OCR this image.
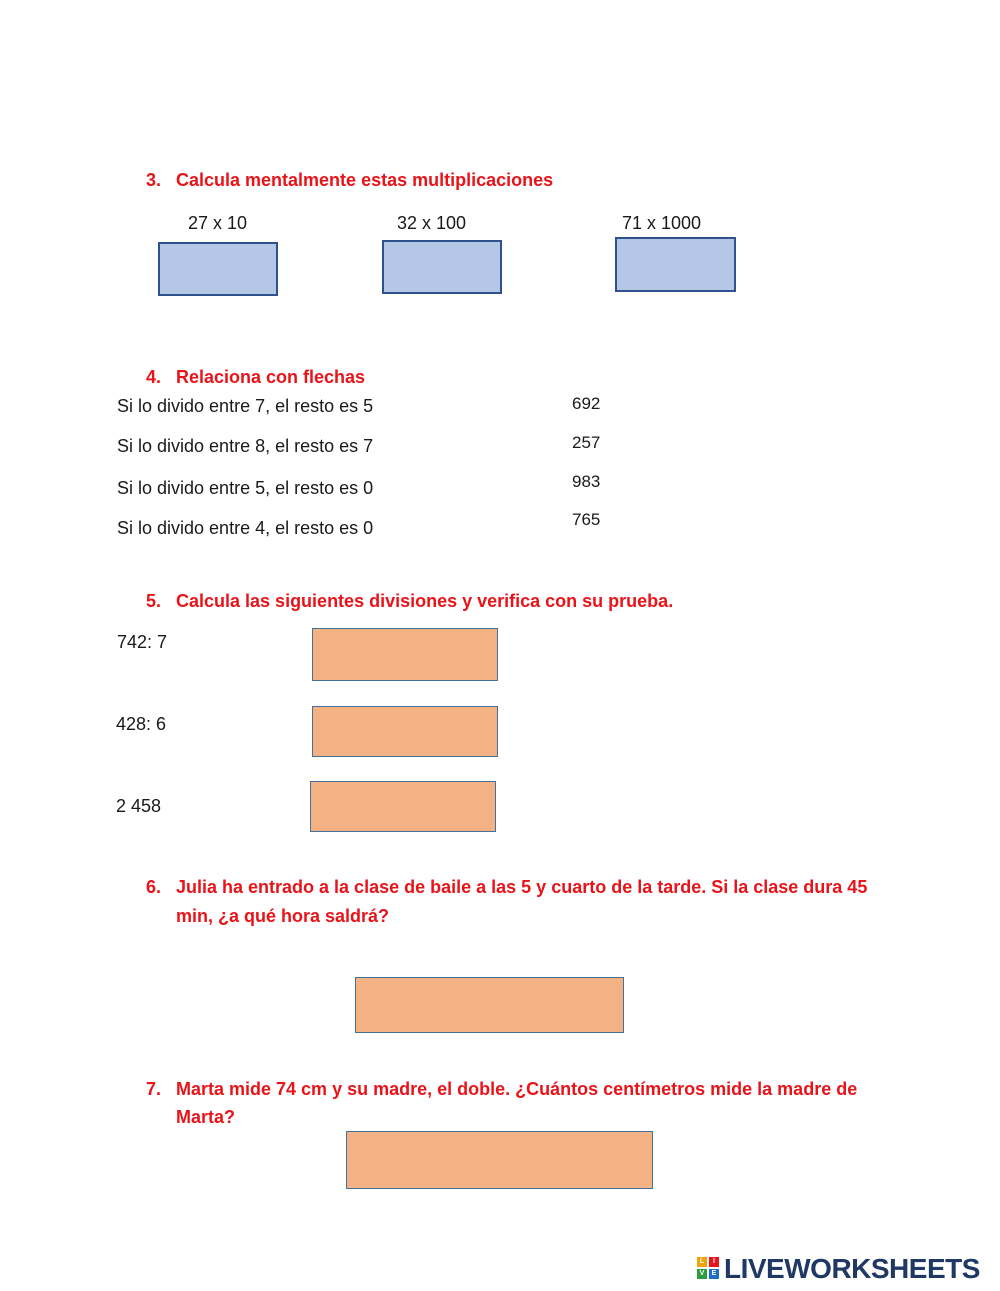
3. Calcula mentalmente estas multiplicaciones
27 x 10	32 x 100	71 x 1000
4. Relaciona con flechas
Si lo divido entre 7, el resto es 5
Si lo divido entre 8, el resto es 7
Si lo divido entre 5, el resto es 0
Si lo divido entre 4, el resto es 0
692
257
983
765
5. Calcula las siguientes divisiones y verifica con su prueba.
742: 7
428: 6
2 458
6. Julia ha entrado a la clase de baile a las 5 y cuarto de la tarde. Si la clase dura 45
min, ¿a qué hora saldrá?
7. Marta mide 74 cm y su madre, el doble. ¿Cuántos centímetros mide la madre de
Marta?
L	I
V	E LIVEWORKSHEETS
